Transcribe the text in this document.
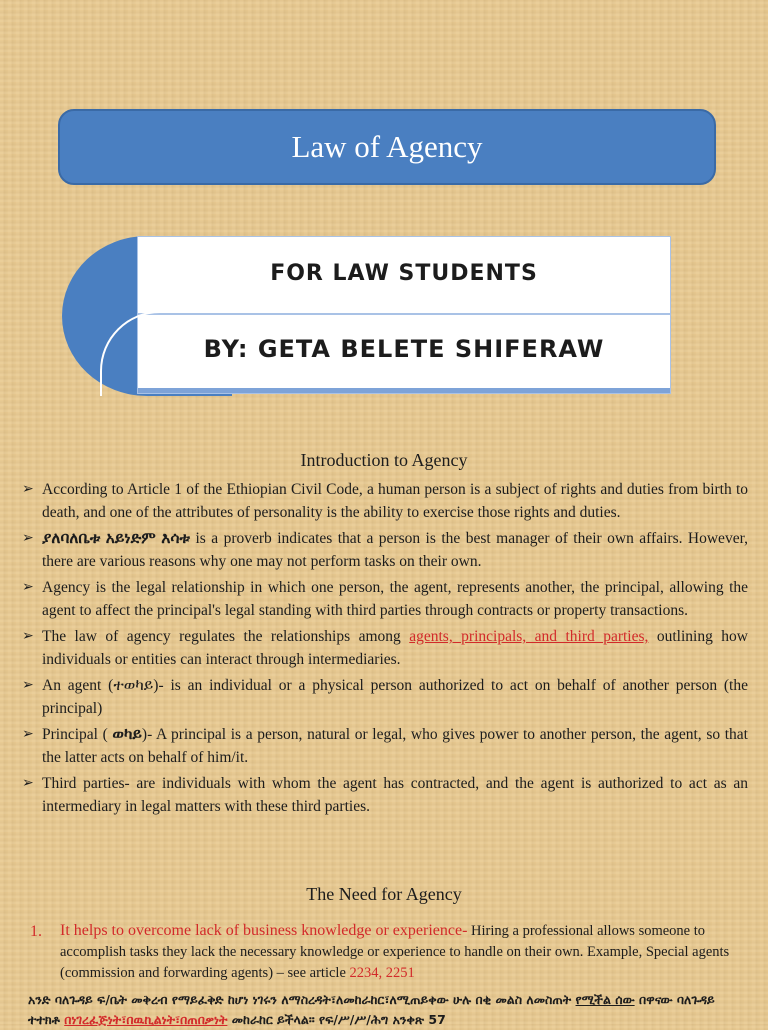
Law of Agency
FOR LAW STUDENTS
BY: GETA BELETE SHIFERAW
Introduction to Agency
➢ According to Article 1 of the Ethiopian Civil Code, a human person is a subject of rights and duties from birth to death, and one of the attributes of personality is the ability to exercise those rights and duties.
➢ ያለባለቤቱ አይነድም እሳቱ is a proverb indicates that a person is the best manager of their own affairs. However, there are various reasons why one may not perform tasks on their own.
➢ Agency is the legal relationship in which one person, the agent, represents another, the principal, allowing the agent to affect the principal's legal standing with third parties through contracts or property transactions.
➢ The law of agency regulates the relationships among agents, principals, and third parties, outlining how individuals or entities can interact through intermediaries.
➢ An agent (ተወካይ)- is an individual or a physical person authorized to act on behalf of another person (the principal)
➢ Principal ( ወካይ)- A principal is a person, natural or legal, who gives power to another person, the agent, so that the latter acts on behalf of him/it.
➢ Third parties- are individuals with whom the agent has contracted, and the agent is authorized to act as an intermediary in legal matters with these third parties.
The Need for Agency
1.	It helps to overcome lack of business knowledge or experience- Hiring a professional allows someone to accomplish tasks they lack the necessary knowledge or experience to handle on their own. Example, Special agents (commission and forwarding agents) – see article 2234, 2251
አንድ ባለጉዳይ ፍ/ቤት መቅረብ የማይፈቅድ ከሆነ ነገሩን ለማስረዳት፣ለመከራከር፣ለሚጠይቀው ሁሉ በቂ መልስ ለመስጠት የሚችል ሰው በዋናው ባለጉዳይ ተተክቶ በነገረፈጅነት፣በዉኪልነት፣በጠበቃነት መከራከር ይችላል። የፍ/ሥ/ሥ/ሕግ አንቀጽ 57
